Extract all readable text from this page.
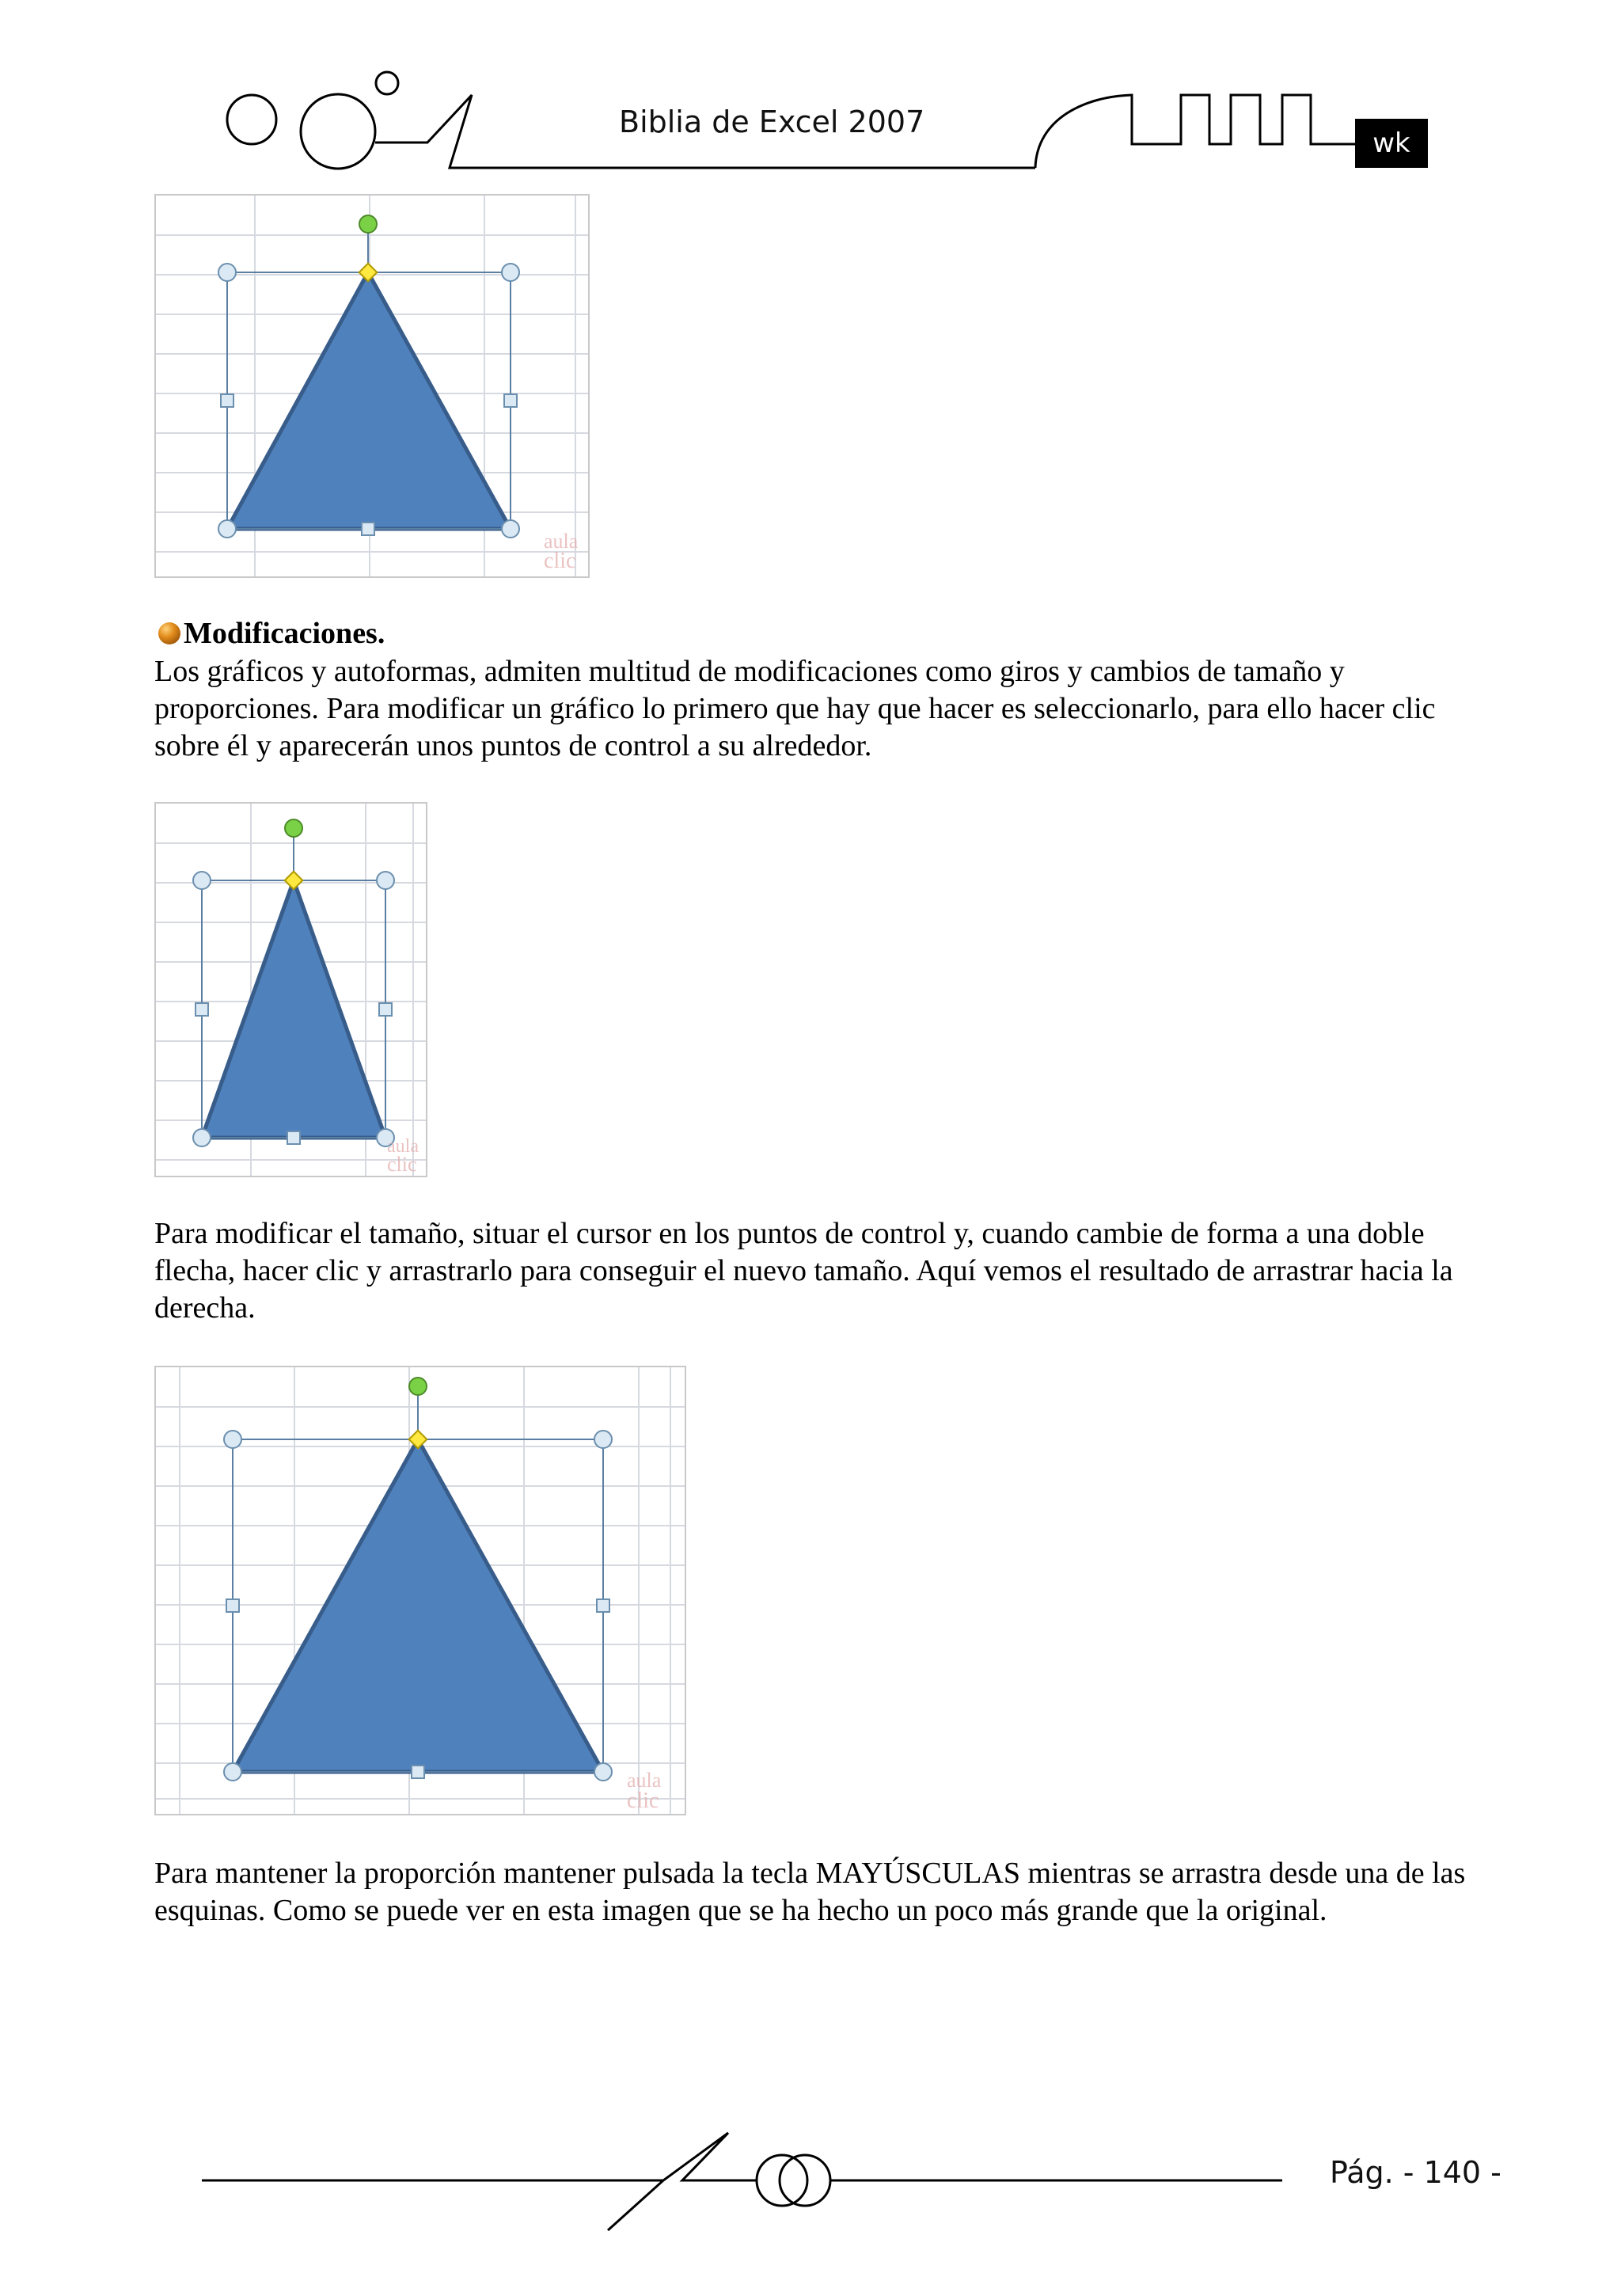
Biblia de Excel 2007
wk
aula
clic
Modificaciones.
Los gráficos y autoformas, admiten multitud de modificaciones como giros y cambios de tamaño y proporciones. Para modificar un gráfico lo primero que hay que hacer es seleccionarlo, para ello hacer clic sobre él y aparecerán unos puntos de control a su alrededor.
aula
clic
Para modificar el tamaño, situar el cursor en los puntos de control y, cuando cambie de forma a una doble flecha, hacer clic y arrastrarlo para conseguir el nuevo tamaño. Aquí vemos el resultado de arrastrar hacia la derecha.
aula
clic
Para mantener la proporción mantener pulsada la tecla MAYÚSCULAS mientras se arrastra desde una de las esquinas. Como se puede ver en esta imagen que se ha hecho un poco más grande que la original.
Pág. - 140 -
